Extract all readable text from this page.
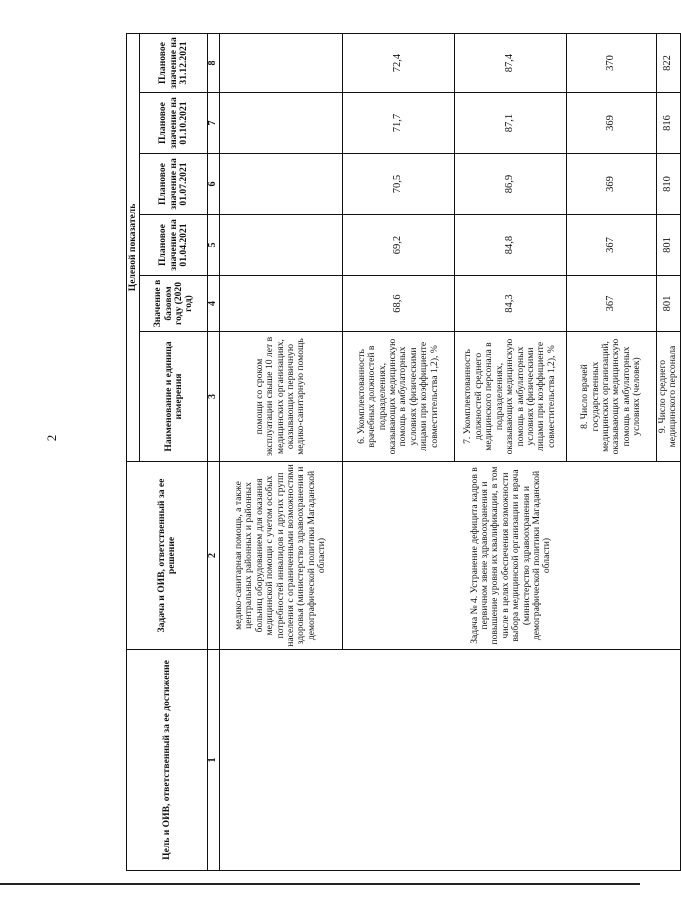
2
Цель и ОИВ, ответственный за ее достижение	Задача и ОИВ, ответственный за ее решение	Целевой показатель					
		Наименование и единица измерения	Значение в базовом году (2020 год)	Плановое значение на 01.04.2021	Плановое значение на 01.07.2021	Плановое значение на 01.10.2021	Плановое значение на 31.12.2021
1	2	3	4	5	6	7	8
	медико-санитарная помощь, а также центральных районных и районных больниц оборудованием для оказания медицинской помощи с учетом особых потребностей инвалидов и других групп населения с ограниченными возможностями здоровья (министерство здравоохранения и демографической политики Магаданской области)	помощи со сроком эксплуатации свыше 10 лет в медицинских организациях, оказывающих первичную медико-санитарную помощь					
	Задача № 4. Устранение дефицита кадров в первичном звене здравоохранения и повышение уровня их квалификации, в том числе в целях обеспечения возможности выбора медицинской организации и врача (министерство здравоохранения и демографической политики Магаданской области)	6. Укомплектованность врачебных должностей в подразделениях, оказывающих медицинскую помощь в амбулаторных условиях (физическими лицами при коэффициенте совместительства 1,2), %	68,6	69,2	70,5	71,7	72,4
		7. Укомплектованность должностей среднего медицинского персонала в подразделениях, оказывающих медицинскую помощь в амбулаторных условиях (физическими лицами при коэффициенте совместительства 1,2), %	84,3	84,8	86,9	87,1	87,4
		8. Число врачей государственных медицинских организаций, оказывающих медицинскую помощь в амбулаторных условиях (человек)	367	367	369	369	370
		9. Число среднего медицинского персонала	801	801	810	816	822
